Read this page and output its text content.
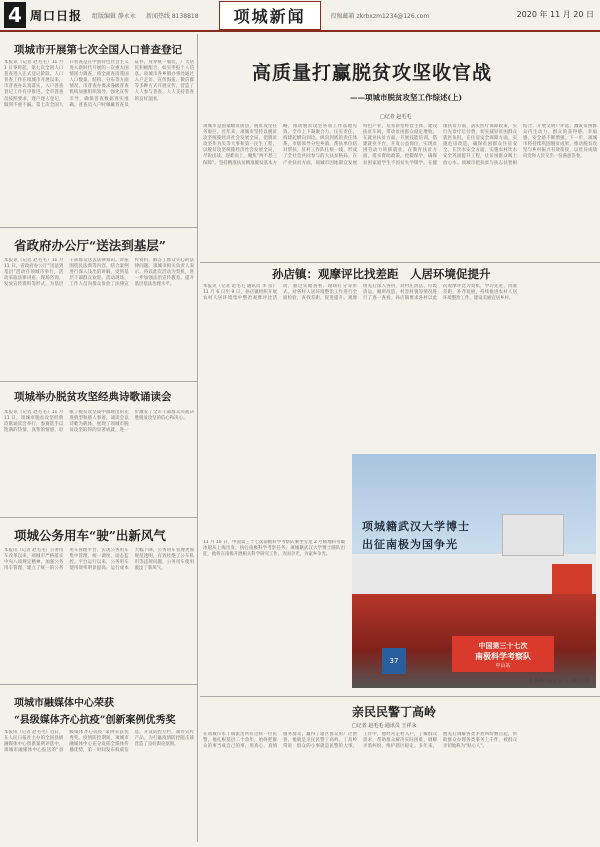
4 周口日报 组版编辑 静永永 新闻热线 8138818	项城新闻	投稿邮箱 zkrbxzm1234@126.com	2020 年 11 月 20 日
项城市开展第七次全国人口普查登记
本报讯（记者 赵毛毛）11 月 1 日零时起，第七次全国人口普查进入正式登记阶段。人口普查工作在项城市开展以来，市普查办认真落实，入户普查登记工作有序推进。全市普查员按照要求，逐户逐人登记，做到不重不漏。第七次全国人口普查是在中国特色社会主义进入新时代开展的一次重大国情国力调查，将全面查清我国人口数量、结构、分布等方面情况。市普查办要求各级普查机构加强组织领导，强化宣传引导，确保普查数据真实准确。普查员入户时佩戴普查员证件，身穿统一服装，广大居民积极配合，如实申报个人信息。项城市各乡镇办事处通过入户走访、宣传海报、微信群等多种方式开展宣传，营造了人人参与普查、人人支持普查的良好氛围。
省政府办公厅“送法到基层”
本报讯（记者 赵毛毛）11 月 11 日，省政府办公厅“送法到基层”活动在项城市举行，活动采取法律讲座、现场咨询、发放宣传资料等形式，为基层干部群众送去法律知识。讲座围绕民法典等内容，结合案例进行深入浅出的讲解，受到基层干部群众欢迎。活动现场，工作人员向群众发放了法律宣传资料，解答了群众关心的法律问题。项城市相关负责人表示，将以此次活动为契机，进一步加强法治宣传教育，提升基层依法治理水平。
项城举办脱贫攻坚经典诗歌诵读会
本报讯（记者 赵毛毛）11 月 11 日，项城市脱贫攻坚经典诗歌诵读会举行，参赛选手以饱满的热情、真挚的情感，讴歌了脱贫攻坚战中涌现出的先进典型和感人事迹。诵读会以诗歌为载体，展现了项城市脱贫攻坚取得的显著成就，进一步激发了全市干部群众决战决胜脱贫攻坚的信心和决心。
项城公务用车“驶”出新风气
本报讯（记者 赵毛毛）公务用车改革以来，项城市严格落实中央八项规定精神，加强公务用车管理，建立了统一的公务用车管理平台，实现公务用车集中管理、统一调度、动态监控。平台运行以来，公务用车使用效率明显提高，运行成本大幅下降，公务用车管理更加规范透明，有效杜绝了公车私用等违规问题，公务用车使用驶出了新风气。
项城市融媒体中心荣获
“县级媒体齐心抗疫”创新案例优秀奖
本报讯（记者 赵毛毛）近日，在人民日报社主办的全国县级融媒体中心创新案例评选中，项城市融媒体中心报送的“县级媒体齐心抗疫”案例荣获优秀奖。疫情防控期间，项城市融媒体中心充分发挥全媒体传播优势，第一时间发布权威信息，开设防控专栏，制作宣传产品，为打赢疫情防控阻击战营造了良好舆论氛围。
高质量打赢脱贫攻坚收官战
——项城市脱贫攻坚工作综述(上)
□记者 赵毛毛
项城市是国家级贫困县，脱贫攻坚任务艰巨。近年来，项城市坚持以脱贫攻坚统揽经济社会发展全局，把脱贫攻坚作为头等大事和第一民生工程，以脱贫攻坚统揽经济社会发展全局，尽锐出战、迎难而上，聚焦“两不愁三保障”，坚持精准扶贫精准脱贫基本方略，推动脱贫攻坚各项工作落地见效。全市上下凝聚合力，压实责任，构建起横向到边、纵向到底的责任体系，市级领导分包乡镇，帮扶单位结对帮扶，驻村工作队扎根一线，形成了全社会共同参与的大扶贫格局。在产业扶贫方面，项城市因地制宜发展特色产业，培育新型经营主体，建设扶贫车间，带动贫困群众稳定增收。在就业扶贫方面，开展技能培训，搭建就业平台，开发公益岗位，实现贫困劳动力转移就业。在教育扶贫方面，落实资助政策，控辍保学，确保贫困家庭学生不因贫失学辍学。在健康扶贫方面，落实医疗保障政策，实行先诊疗后付费，切实减轻贫困群众就医负担。在住房安全保障方面，实施危房改造，确保贫困群众住房安全。在饮水安全方面，实施农村饮水安全巩固提升工程，让贫困群众喝上放心水。项城市把扶贫与扶志扶智相结合，开展文明户评选，激发贫困群众内生动力，群众的获得感、幸福感、安全感不断增强。下一步，项城市将持续巩固脱贫成果，推动脱贫攻坚与乡村振兴有效衔接，以优异成绩向党和人民交出一份满意答卷。
孙店镇：观摩评比找差距　人居环境促提升
本报讯（记者 赵毛毛 通讯员 李 彦）11 月 6 日至 9 日，孙店镇组织开展农村人居环境集中整治观摩评比活动，通过实地查看、现场打分等形式，对各村人居环境整治工作进行全面检验，查找差距，促进提升。观摩组先后深入各村，对村庄清洁、垃圾清运、厕所改造、村容村貌等情况进行了逐一查看。孙店镇要求各村以此次观摩评比为契机，学习先进，找准差距，补齐短板，持续推进农村人居环境整治工作，建设美丽宜居乡村。
11 月 10 日，中国第三十七次南极科学考察队乘坐雪龙 2 号极地科考破冰船从上海出发，执行南极科学考察任务。项城籍武汉大学博士随队出征，他将在南极开展相关科学研究工作，为国争光，为家乡争光。
项城籍武汉大学博士
出征南极为国争光
中国第三十七次
南极科学考察队
中山站
37
康 琳琳（后排左一）/摄队提供
亲民民警丁高岭
□记者 赵毛毛 通讯员 王祥永
在项城市永丁镇派出所有这样一位民警，他扎根基层二十余年，始终把群众的事当成自己的事，用真心、真情服务群众，赢得了辖区群众的广泛赞誉，他就是亲民民警丁高岭。丁高岭常说：群众的小事就是民警的大事。工作中，他经常走村入户，了解群众需求，帮助群众解决实际困难，调解矛盾纠纷，维护辖区稳定。多年来，他先后调解各类矛盾纠纷数百起，帮助群众办理各类事务上千件，被群众亲切地称为“贴心人”。
